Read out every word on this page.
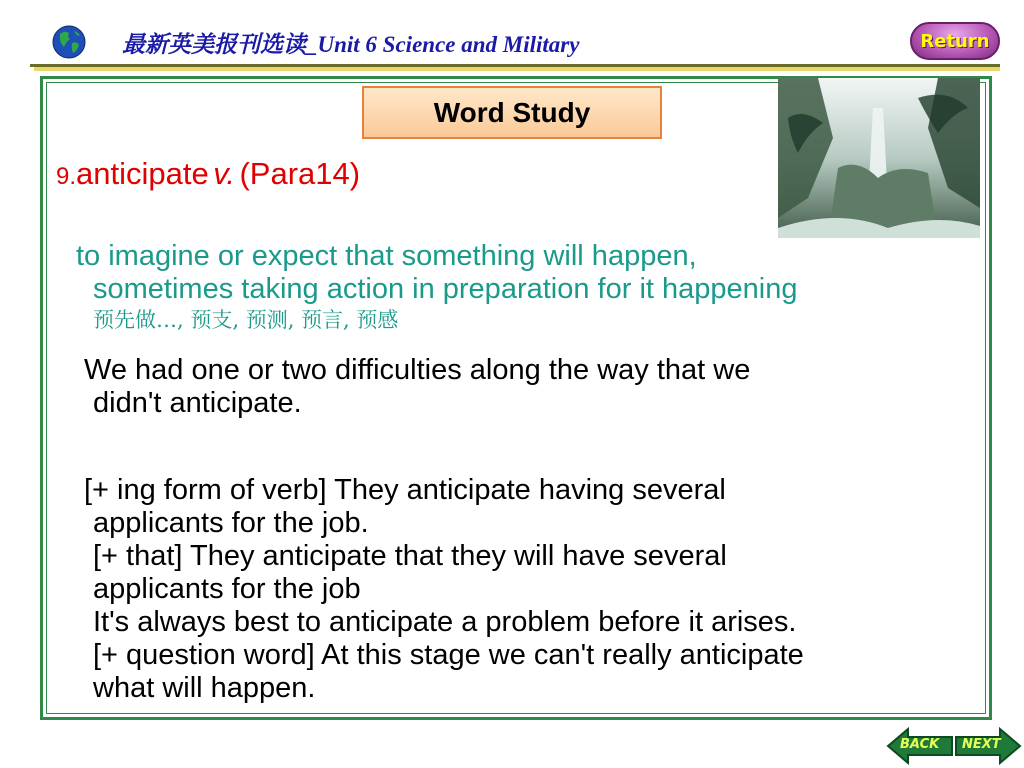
最新英美报刊选读_Unit 6 Science and Military	Return
Word Study
9.anticipate v. (Para14)
to imagine or expect that something will happen,
sometimes taking action in preparation for it happening
预先做…, 预支, 预测, 预言, 预感
We had one or two difficulties along the way that we
didn't anticipate.
[+ ing form of verb] They anticipate having several
applicants for the job.
[+ that] They anticipate that they will have several
applicants for the job
It's always best to anticipate a problem before it arises.
[+ question word] At this stage we can't really anticipate
what will happen.
BACK NEXT
